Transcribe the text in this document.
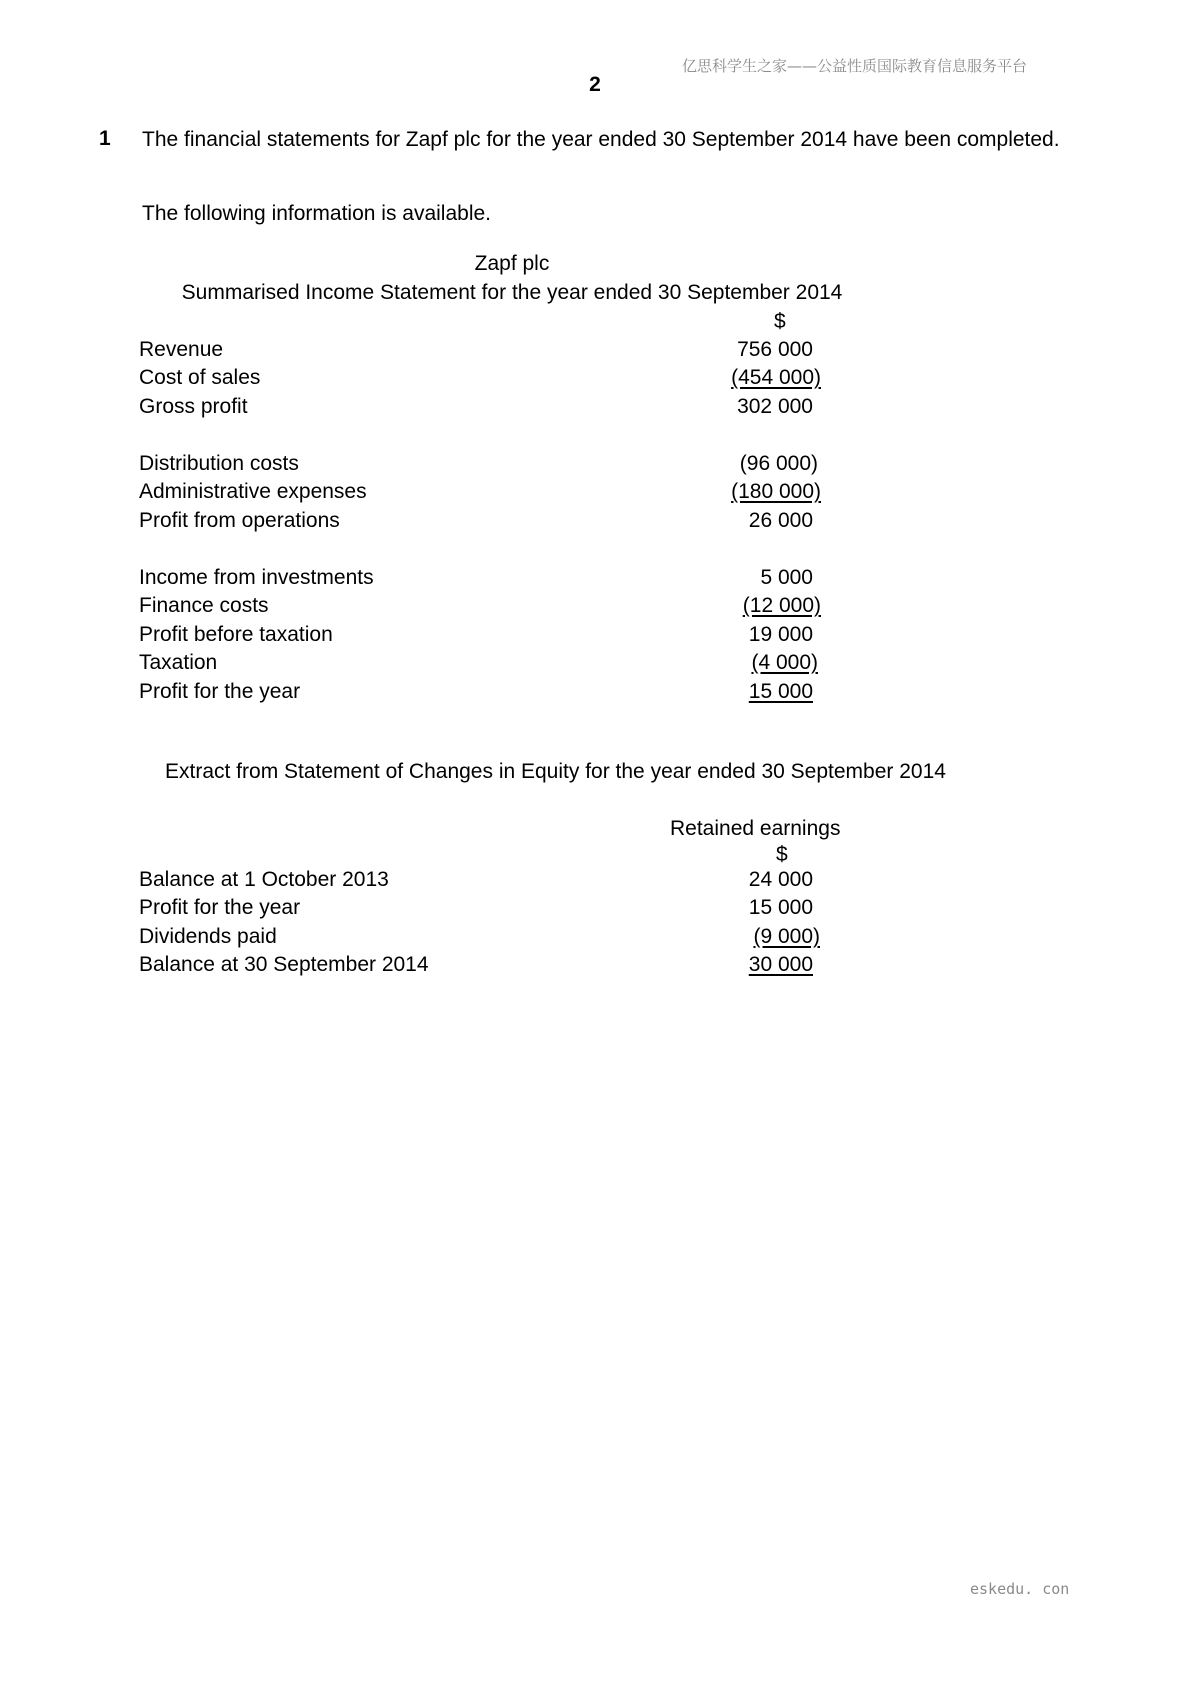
亿思科学生之家——公益性质国际教育信息服务平台
2
1 The financial statements for Zapf plc for the year ended 30 September 2014 have been completed.
The following information is available.
Zapf plc
Summarised Income Statement for the year ended 30 September 2014
$
Revenue	756 000
Cost of sales	(454 000)
Gross profit	302 000
Distribution costs	(96 000)
Administrative expenses	(180 000)
Profit from operations	26 000
Income from investments	5 000
Finance costs	(12 000)
Profit before taxation	19 000
Taxation	(4 000)
Profit for the year	15 000
Extract from Statement of Changes in Equity for the year ended 30 September 2014
Retained earnings
$
Balance at 1 October 2013	24 000
Profit for the year	15 000
Dividends paid	(9 000)
Balance at 30 September 2014	30 000
eskedu. con
